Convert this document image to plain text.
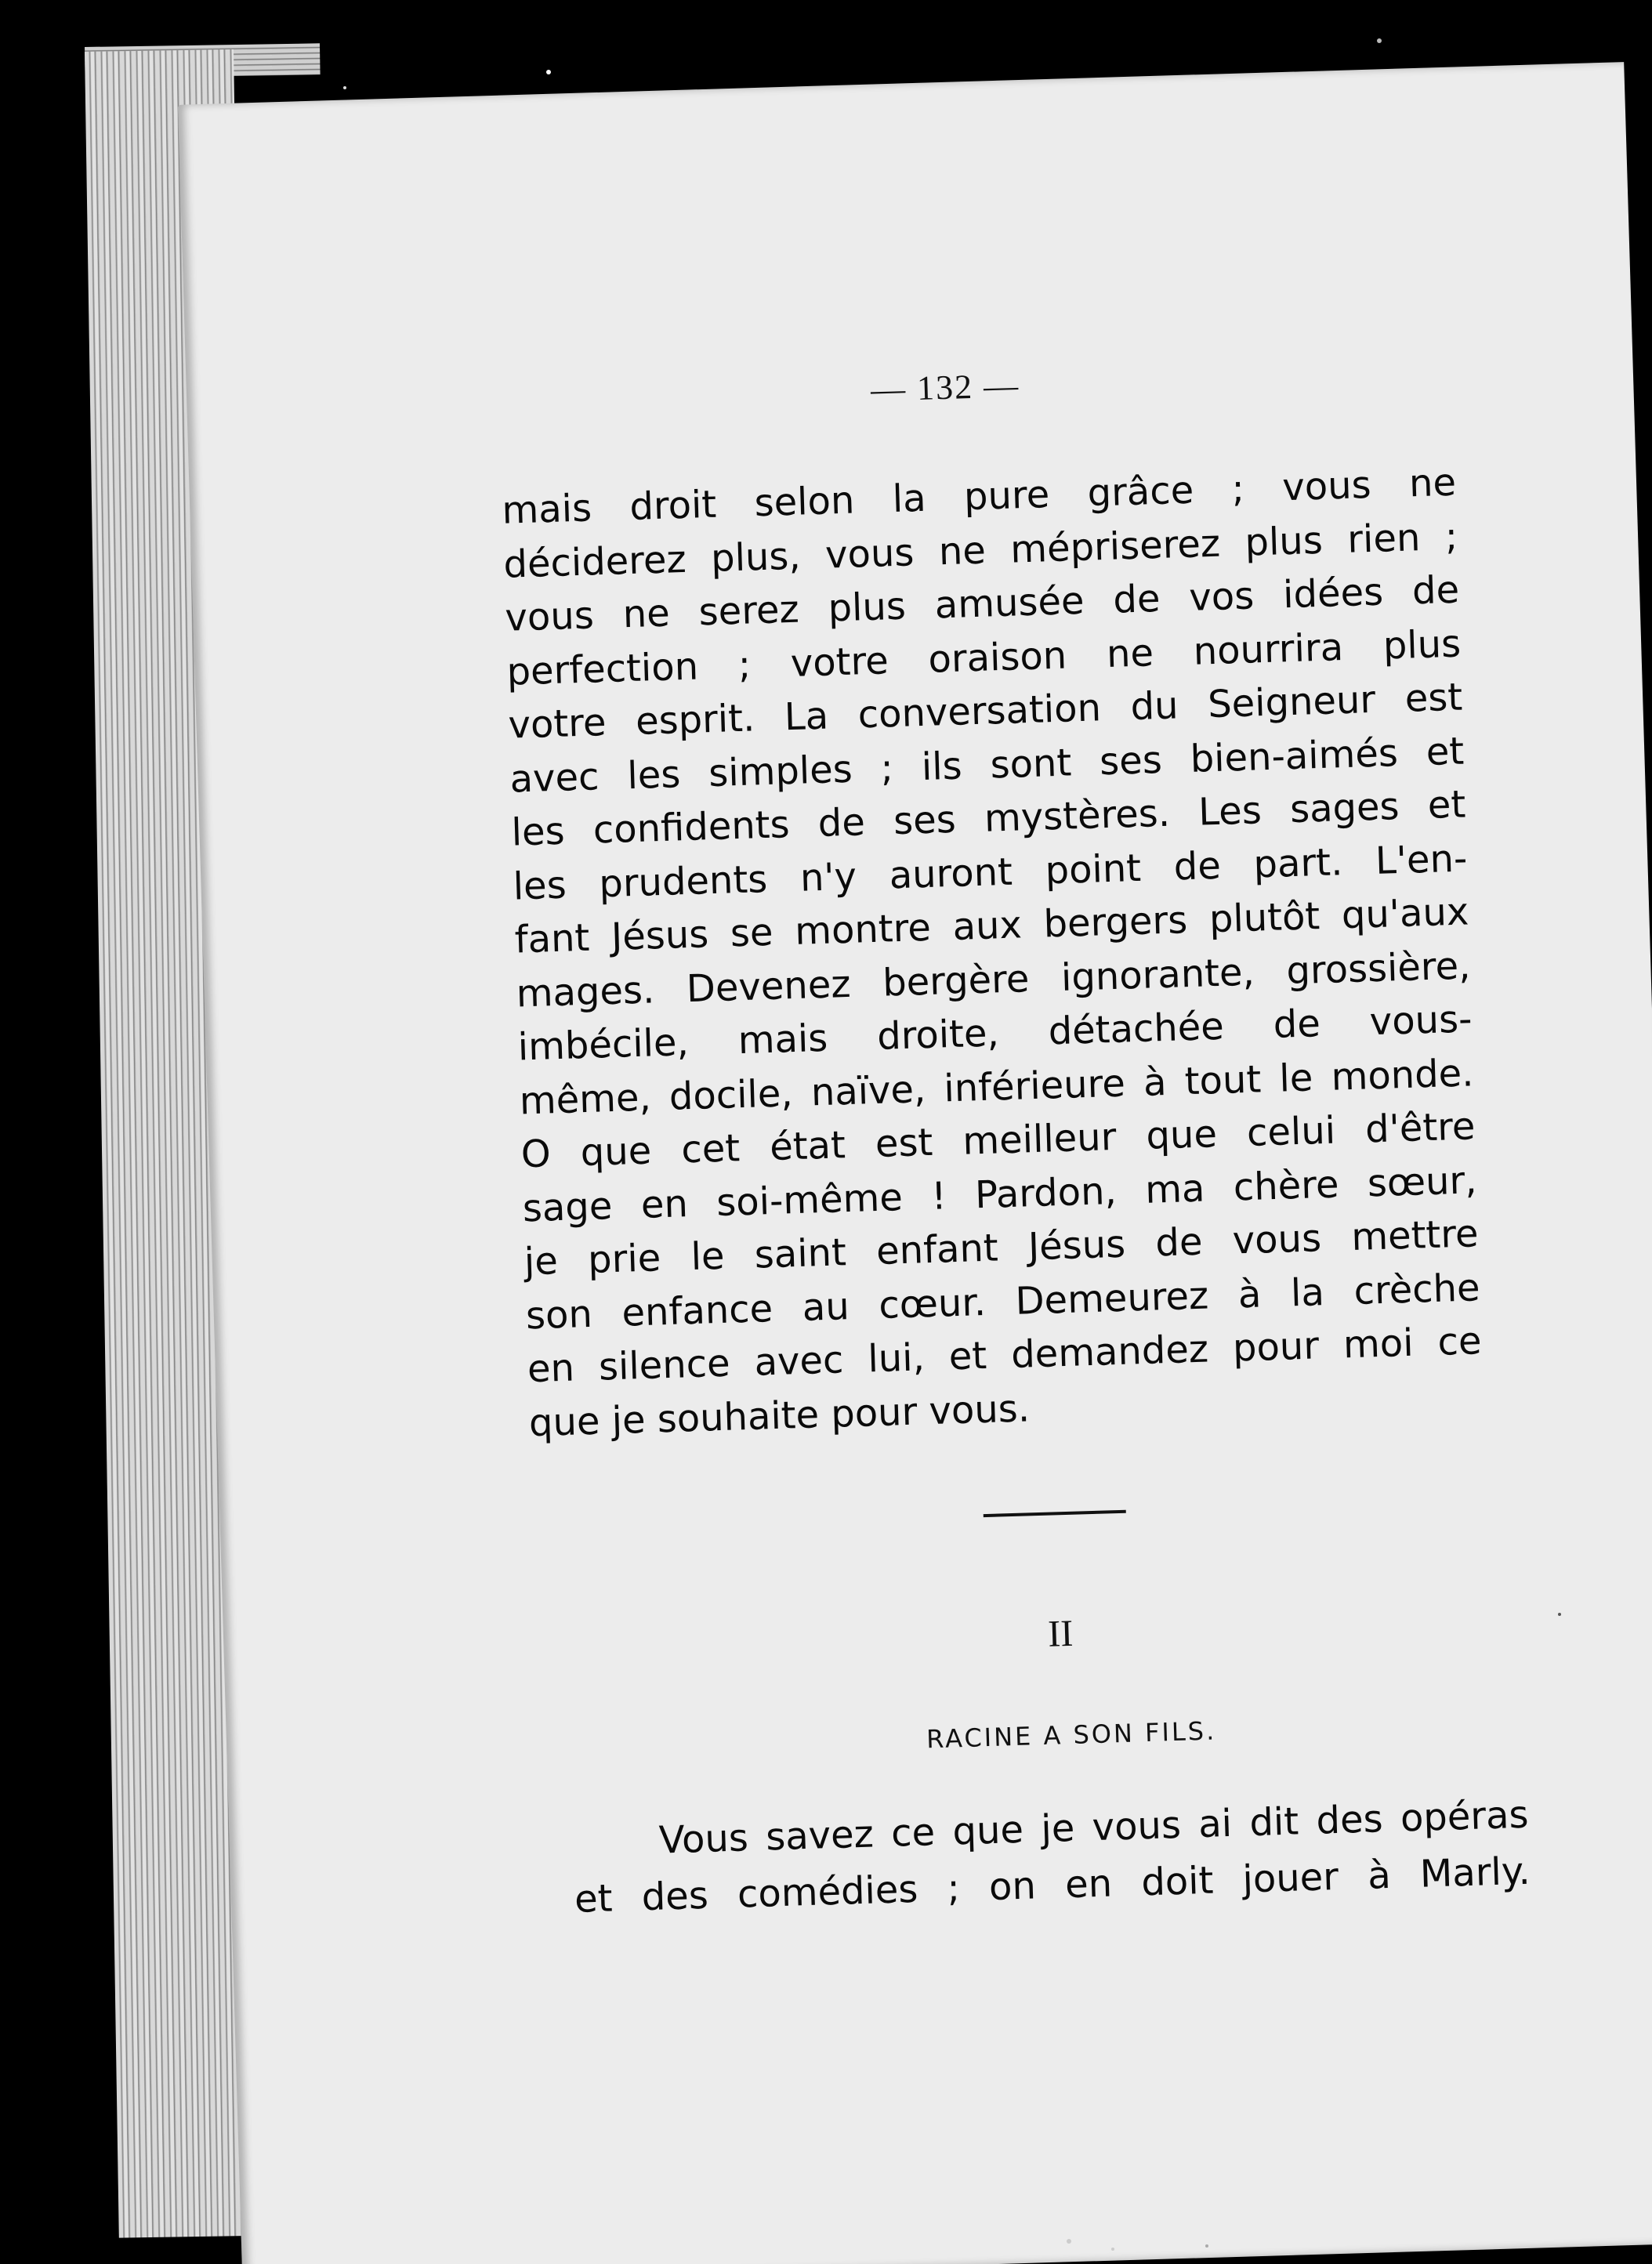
— 132 —
mais droit selon la pure grâce ; vous ne
déciderez plus, vous ne mépriserez plus rien ;
vous ne serez plus amusée de vos idées de
perfection ; votre oraison ne nourrira plus
votre esprit. La conversation du Seigneur est
avec les simples ; ils sont ses bien-aimés et
les confidents de ses mystères. Les sages et
les prudents n'y auront point de part. L'en-
fant Jésus se montre aux bergers plutôt qu'aux
mages. Devenez bergère ignorante, grossière,
imbécile, mais droite, détachée de vous-
même, docile, naïve, inférieure à tout le monde.
O que cet état est meilleur que celui d'être
sage en soi-même ! Pardon, ma chère sœur,
je prie le saint enfant Jésus de vous mettre
son enfance au cœur. Demeurez à la crèche
en silence avec lui, et demandez pour moi ce
que je souhaite pour vous.
II
RACINE A SON FILS.
Vous savez ce que je vous ai dit des opéras
et des comédies ; on en doit jouer à Marly.
